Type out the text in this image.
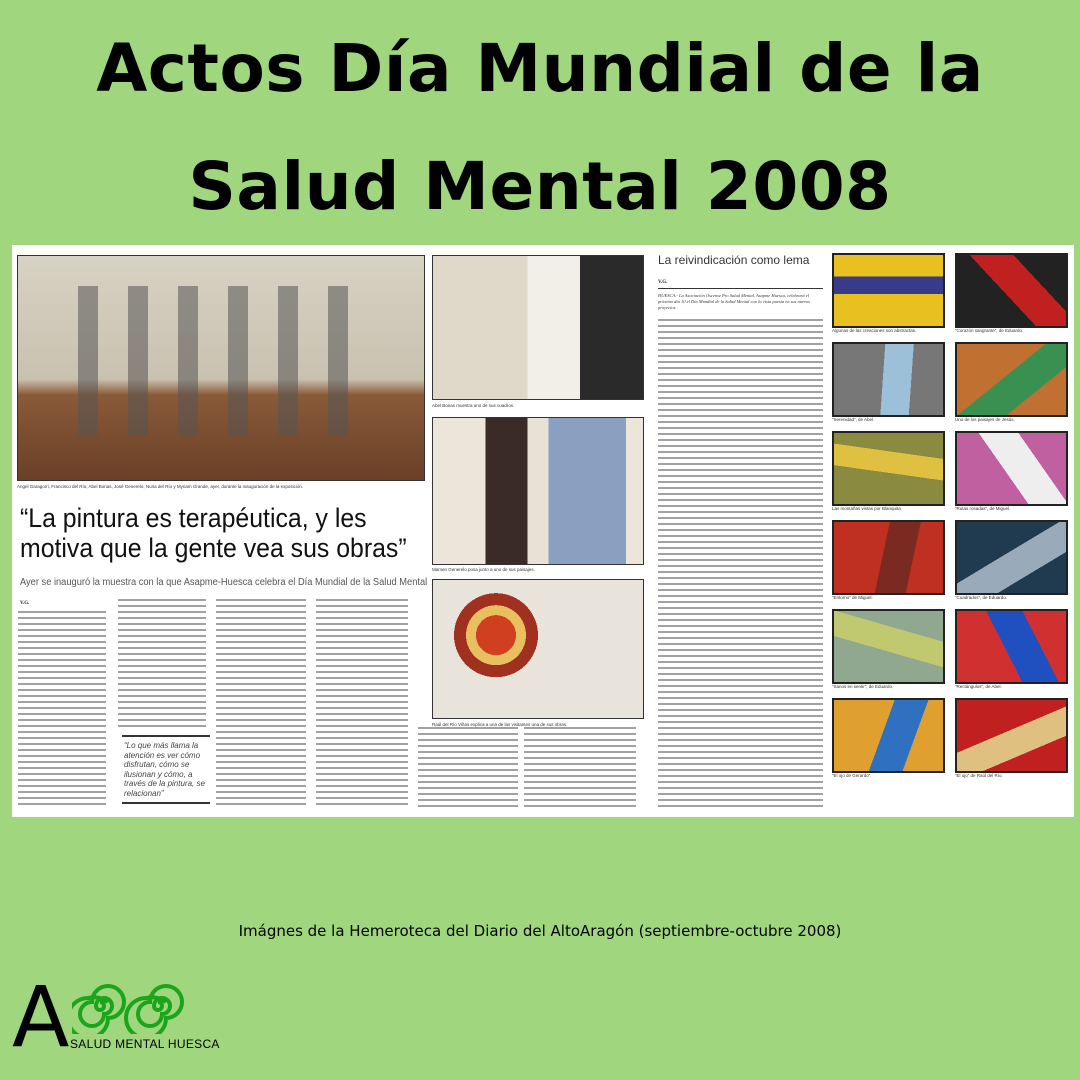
Actos Día Mundial de la
Salud Mental 2008
Ángel Garagorri, Francisco del Río, Abel Bonas, José Generelo, Nuria del Río y Myriam Grande, ayer, durante la inauguración de la exposición.
“La pintura es terapéutica, y les motiva que la gente vea sus obras”
Ayer se inauguró la muestra con la que Asapme-Huesca celebra el Día Mundial de la Salud Mental
V.G.
“Lo que más llama la atención es ver cómo disfrutan, cómo se ilusionan y cómo, a través de la pintura, se relacionan”
Abel Bonas muestra uno de sus cuadros.
Mamen Generelo posa junto a uno de sus paisajes.
Raúl del Río Viñas explica a una de las visitantes una de sus obras.
La reivindicación como lema
V.G.
HUESCA.- La Asociación Oscense Pro Salud Mental, Asapme Huesca, celebrará el próximo día 10 el Día Mundial de la Salud Mental con la vista puesta en sus nuevos proyectos.
Algunas de las creaciones son abstractas.	“Corazón sangrante”, de Eduardo.
“Serenidad”, de Abel.	Uno de los paisajes de Jesús.
Las montañas vistas por Blanquita.	“Rutas rosadas”, de Miguel.
“Entorno” de Miguel.	“Cuadrados”, de Eduardo.
“Sanos en sentir”, de Eduardo.	“Rectángulos”, de Abel.
“El ojo de Gerardo”.	“El ojo” de Raúl del Río.
Imágnes de la Hemeroteca del Diario del AltoAragón (septiembre-octubre 2008)
A SALUD MENTAL HUESCA
